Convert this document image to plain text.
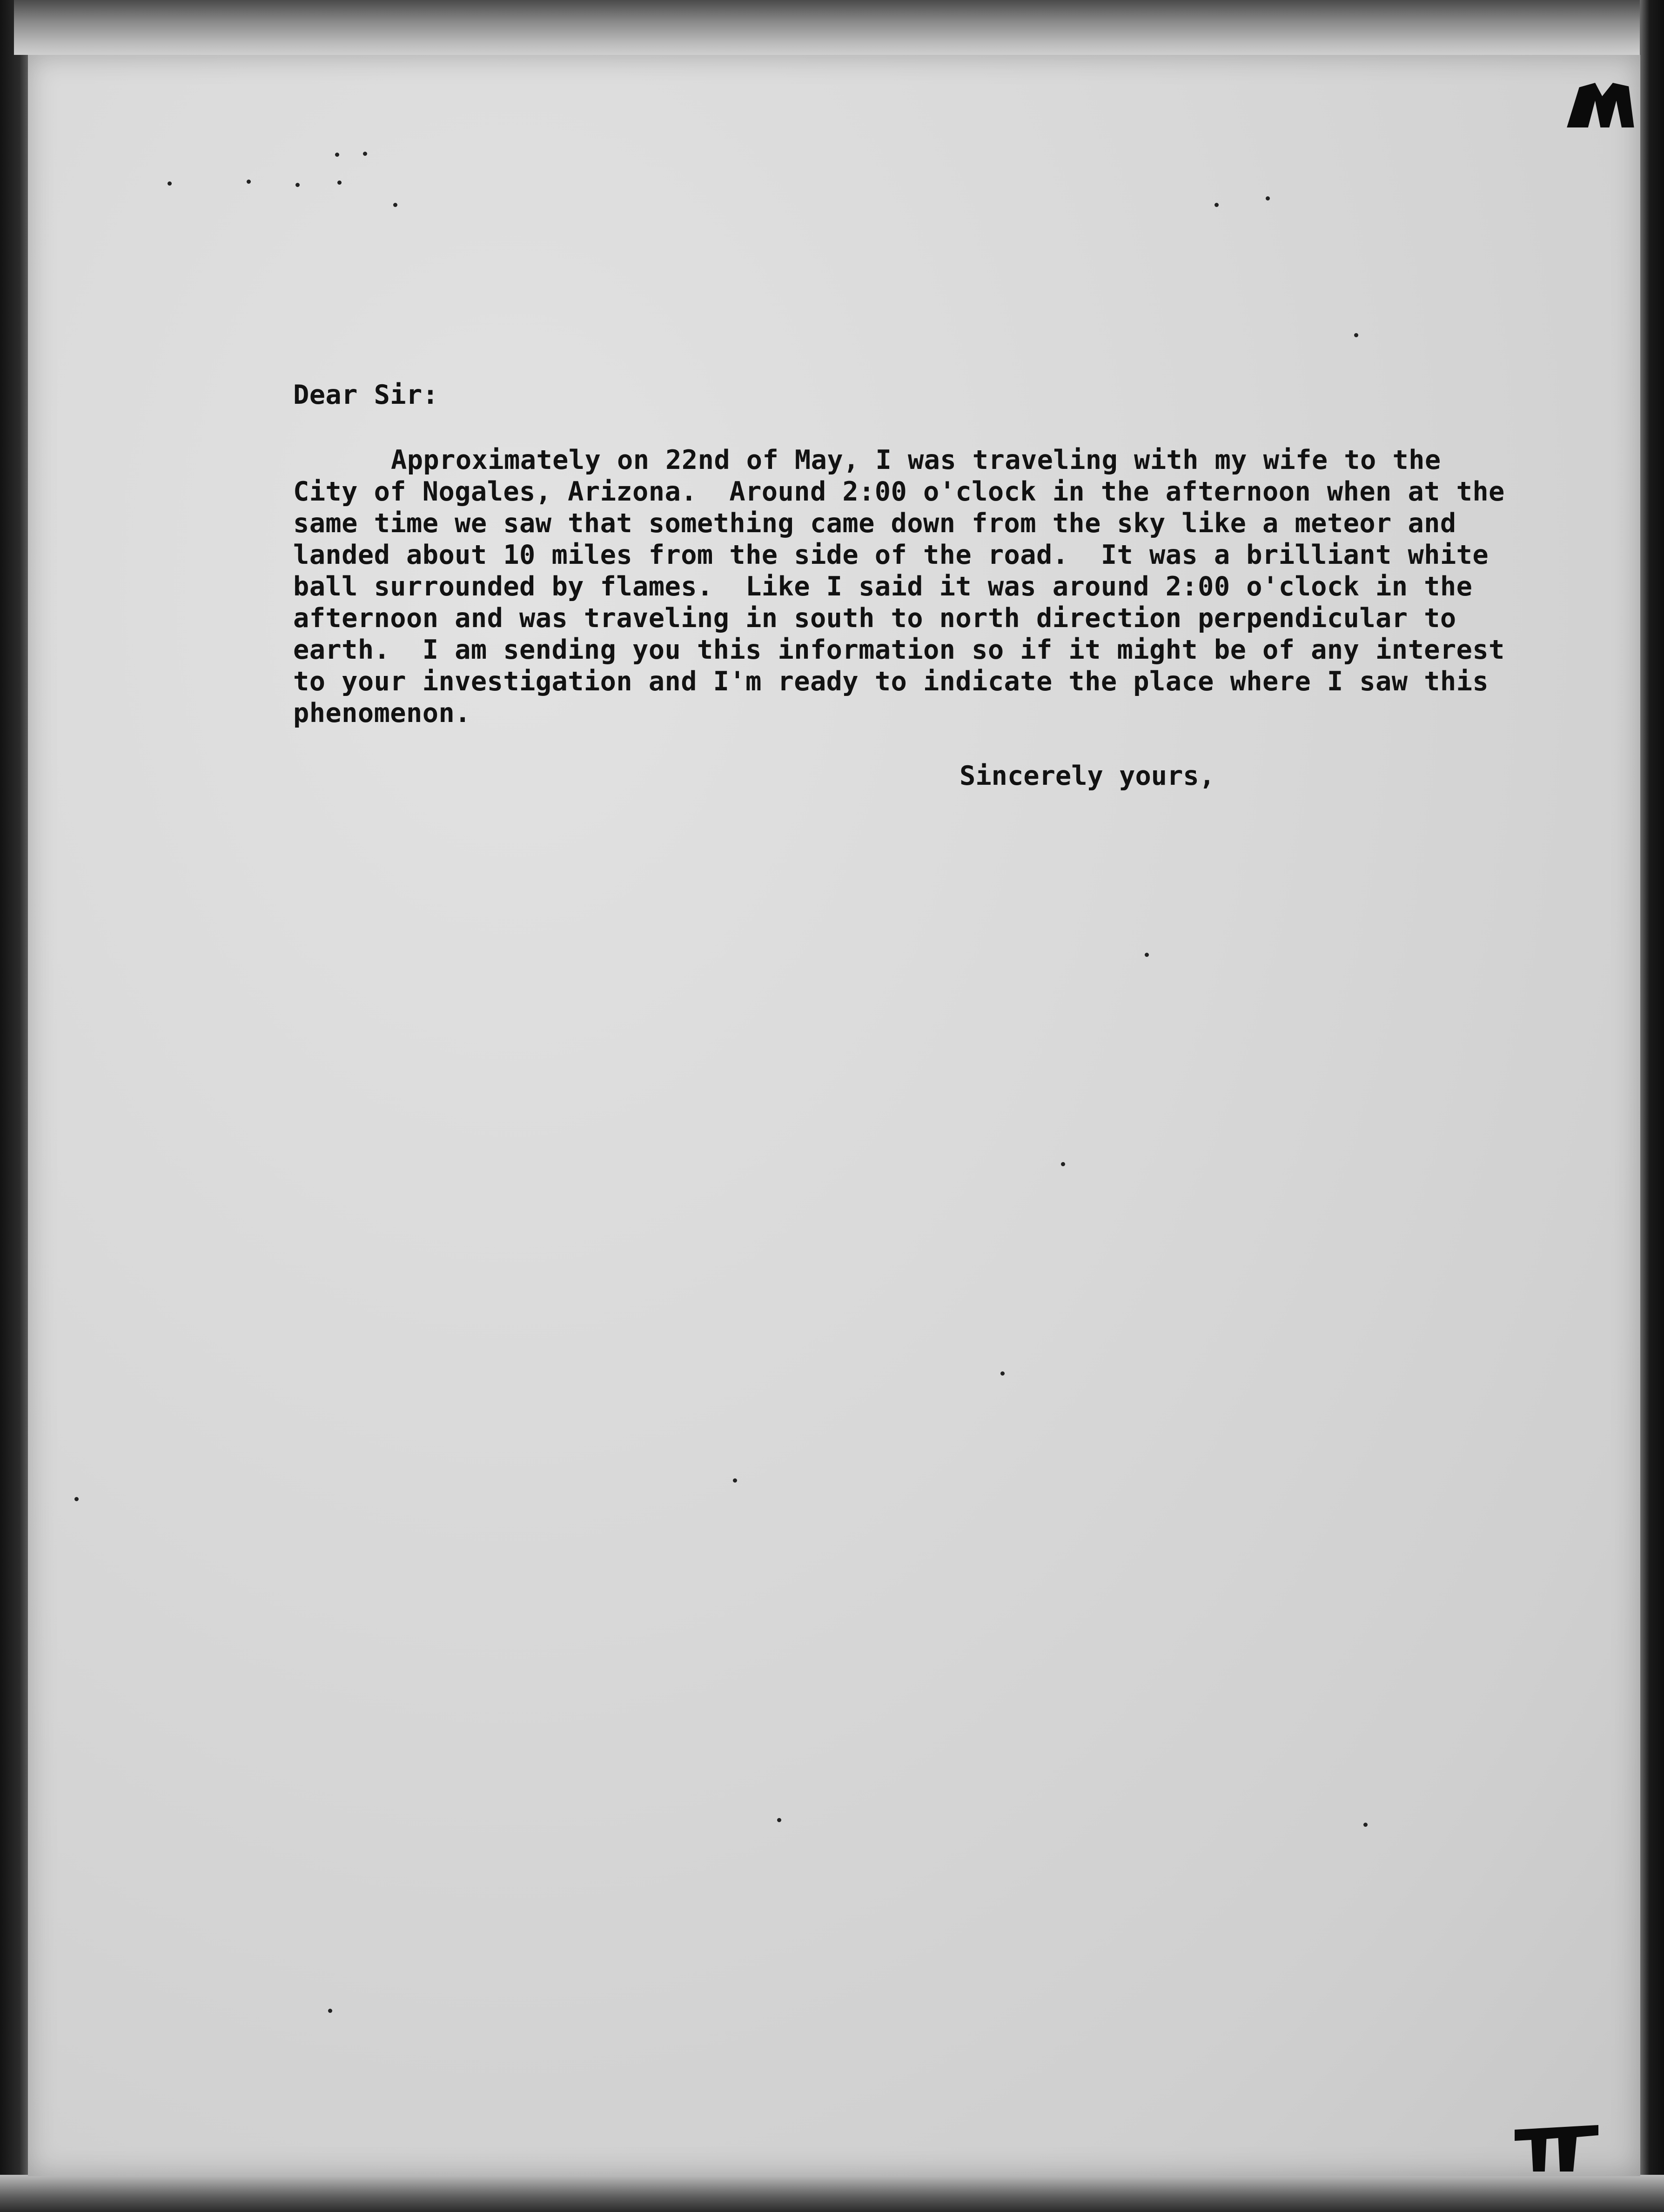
Dear Sir:

Approximately on 22nd of May, I was traveling with my wife to the
City of Nogales, Arizona.  Around 2:00 o'clock in the afternoon when at the
same time we saw that something came down from the sky like a meteor and
landed about 10 miles from the side of the road.  It was a brilliant white
ball surrounded by flames.  Like I said it was around 2:00 o'clock in the
afternoon and was traveling in south to north direction perpendicular to
earth.  I am sending you this information so if it might be of any interest
to your investigation and I'm ready to indicate the place where I saw this
phenomenon.

Sincerely yours,
